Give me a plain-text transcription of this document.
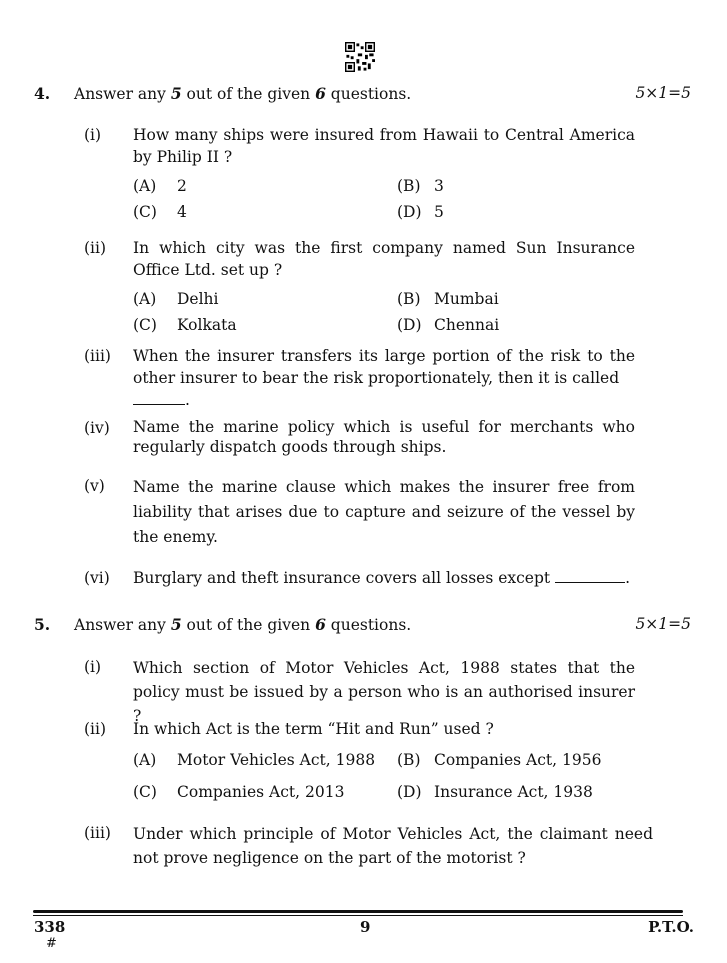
4. Answer any 5 out of the given 6 questions.	5×1=5
(i) How many ships were insured from Hawaii to Central America by Philip II ?
(A) 2	(B) 3
(C) 4	(D) 5
(ii) In which city was the first company named Sun Insurance Office Ltd. set up ?
(A) Delhi	(B) Mumbai
(C) Kolkata	(D) Chennai
(iii) When the insurer transfers its large portion of the risk to the other insurer to bear the risk proportionately, then it is called
.
(iv) Name the marine policy which is useful for merchants who regularly dispatch goods through ships.
(v) Name the marine clause which makes the insurer free from liability that arises due to capture and seizure of the vessel by the enemy.
(vi) Burglary and theft insurance covers all losses except	.
5. Answer any 5 out of the given 6 questions.	5×1=5
(i) Which section of Motor Vehicles Act, 1988 states that the policy must be issued by a person who is an authorised insurer ?
(ii) In which Act is the term “Hit and Run” used ?
(A) Motor Vehicles Act, 1988 (B) Companies Act, 1956
(C) Companies Act, 2013	(D) Insurance Act, 1938
(iii) Under which principle of Motor Vehicles Act, the claimant need not prove negligence on the part of the motorist ?
338
#
9	P.T.O.
